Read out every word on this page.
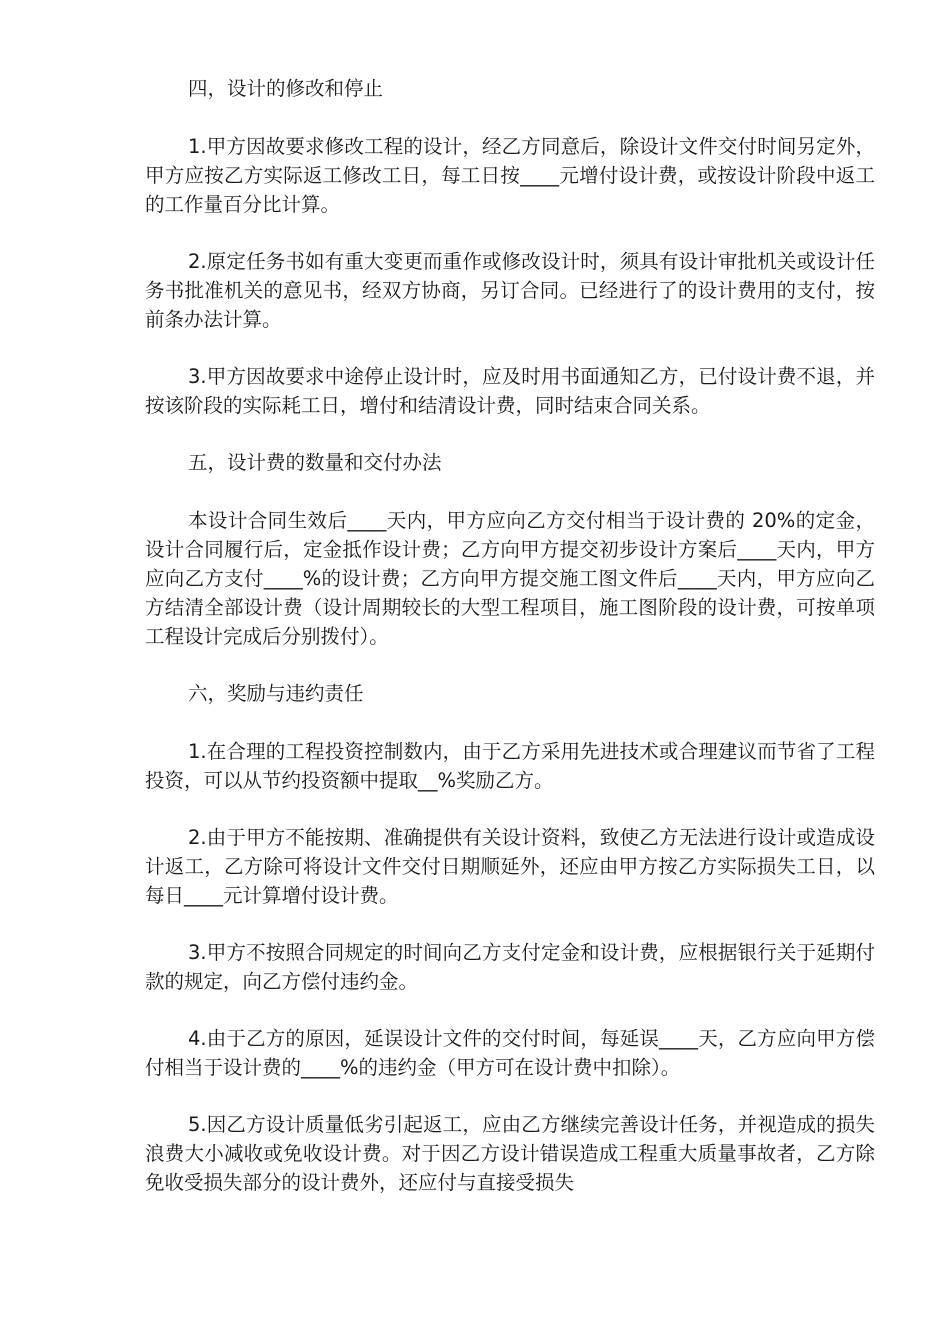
四，设计的修改和停止

1.甲方因故要求修改工程的设计，经乙方同意后，除设计文件交付时间另定外，甲方应按乙方实际返工修改工日，每工日按____元增付设计费，或按设计阶段中返工的工作量百分比计算。

2.原定任务书如有重大变更而重作或修改设计时，须具有设计审批机关或设计任务书批准机关的意见书，经双方协商，另订合同。已经进行了的设计费用的支付，按前条办法计算。

3.甲方因故要求中途停止设计时，应及时用书面通知乙方，已付设计费不退，并按该阶段的实际耗工日，增付和结清设计费，同时结束合同关系。

五，设计费的数量和交付办法

本设计合同生效后____天内，甲方应向乙方交付相当于设计费的 20%的定金，设计合同履行后，定金抵作设计费；乙方向甲方提交初步设计方案后____天内，甲方应向乙方支付____%的设计费；乙方向甲方提交施工图文件后____天内，甲方应向乙方结清全部设计费（设计周期较长的大型工程项目，施工图阶段的设计费，可按单项工程设计完成后分别拨付）。

六，奖励与违约责任

1.在合理的工程投资控制数内，由于乙方采用先进技术或合理建议而节省了工程投资，可以从节约投资额中提取__%奖励乙方。

2.由于甲方不能按期、准确提供有关设计资料，致使乙方无法进行设计或造成设计返工，乙方除可将设计文件交付日期顺延外，还应由甲方按乙方实际损失工日，以每日____元计算增付设计费。

3.甲方不按照合同规定的时间向乙方支付定金和设计费，应根据银行关于延期付款的规定，向乙方偿付违约金。

4.由于乙方的原因，延误设计文件的交付时间，每延误____天，乙方应向甲方偿付相当于设计费的____%的违约金（甲方可在设计费中扣除）。

5.因乙方设计质量低劣引起返工，应由乙方继续完善设计任务，并视造成的损失浪费大小减收或免收设计费。对于因乙方设计错误造成工程重大质量事故者，乙方除免收受损失部分的设计费外，还应付与直接受损失
